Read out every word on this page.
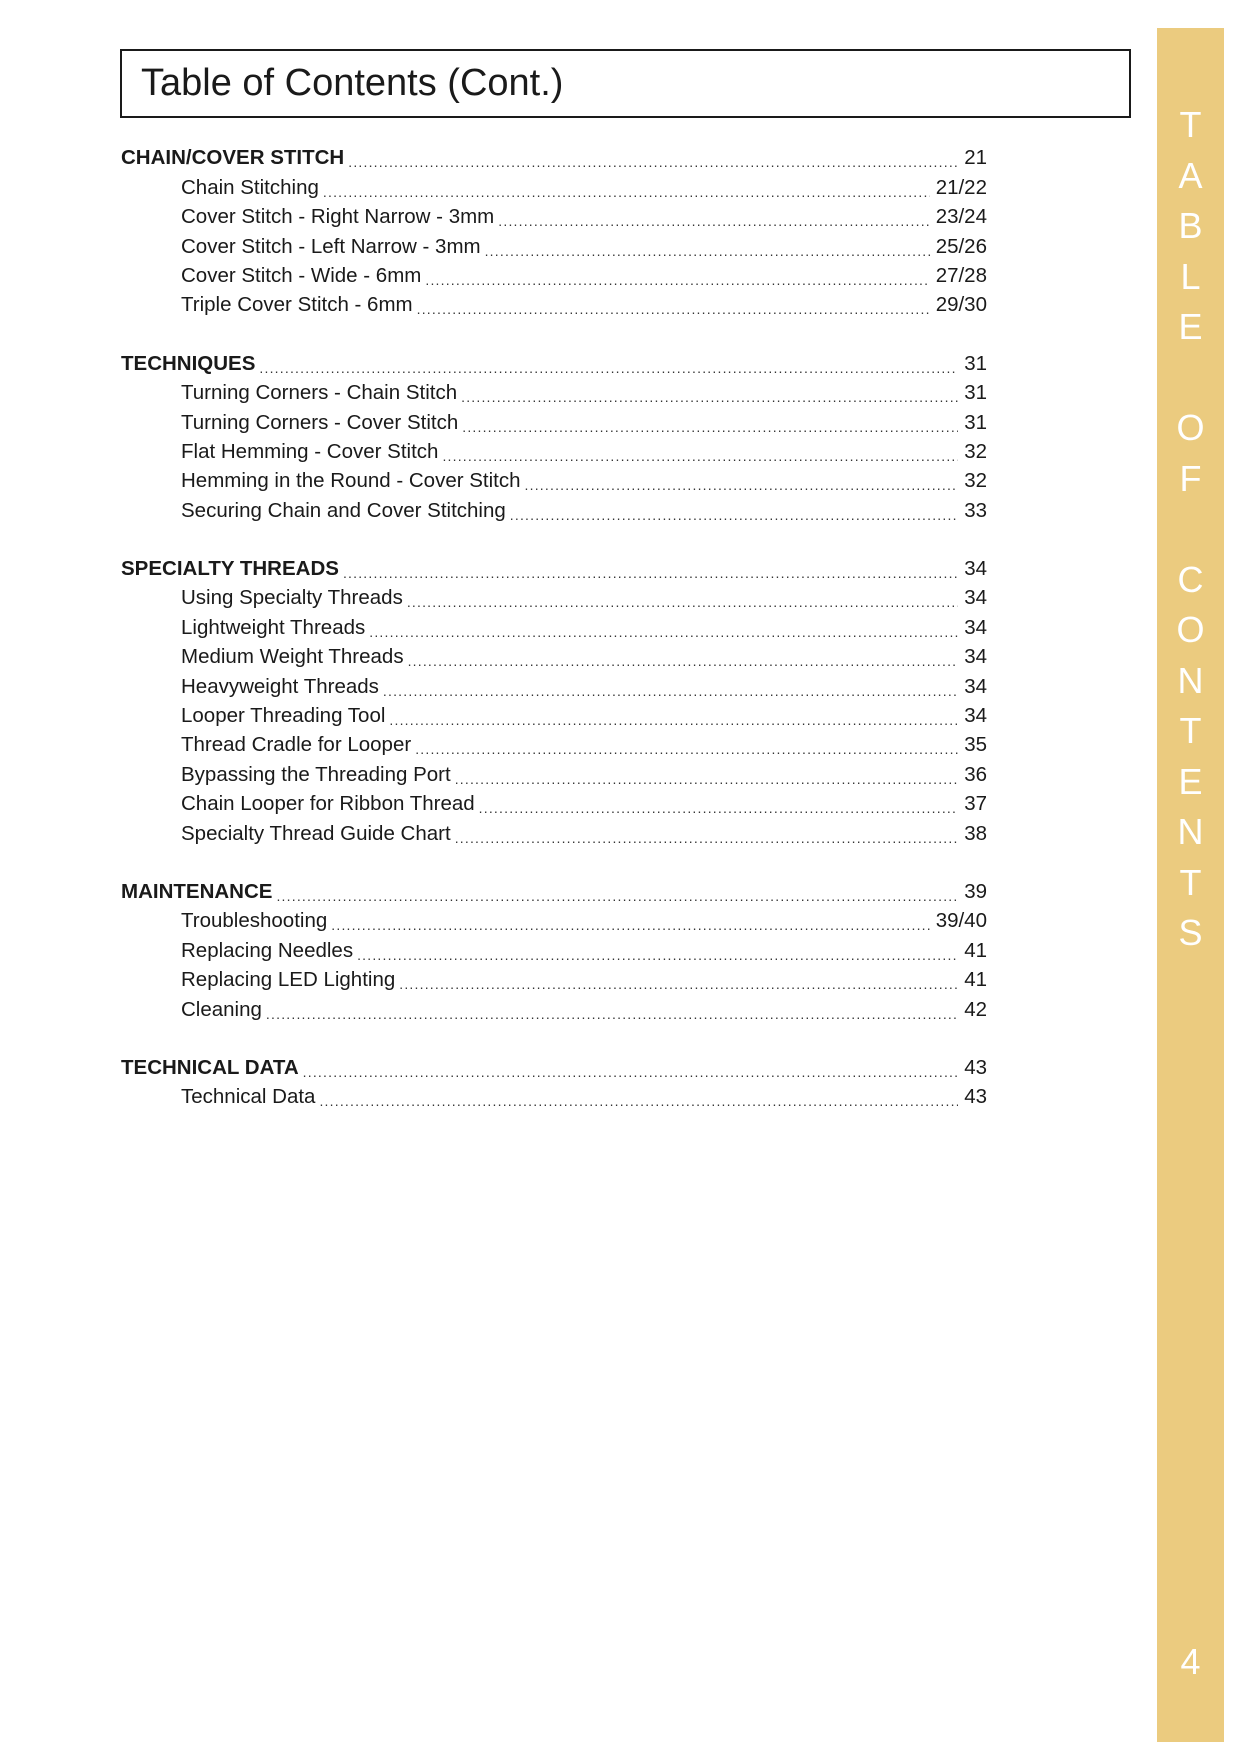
Table of Contents (Cont.)
CHAIN/COVER STITCH .....	21
Chain Stitching .....	21/22
Cover Stitch - Right Narrow - 3mm .....	23/24
Cover Stitch - Left Narrow - 3mm .....	25/26
Cover Stitch - Wide - 6mm .....	27/28
Triple Cover Stitch - 6mm .....	29/30
TECHNIQUES .....	31
Turning Corners - Chain Stitch .....	31
Turning Corners - Cover Stitch .....	31
Flat Hemming - Cover Stitch .....	32
Hemming in the Round - Cover Stitch .....	32
Securing Chain and Cover Stitching .....	33
SPECIALTY THREADS .....	34
Using Specialty Threads .....	34
Lightweight Threads .....	34
Medium Weight Threads .....	34
Heavyweight Threads .....	34
Looper Threading Tool .....	34
Thread Cradle for Looper .....	35
Bypassing the Threading Port .....	36
Chain Looper for Ribbon Thread .....	37
Specialty Thread Guide Chart .....	38
MAINTENANCE .....	39
Troubleshooting .....	39/40
Replacing Needles .....	41
Replacing LED Lighting .....	41
Cleaning .....	42
TECHNICAL DATA .....	43
Technical Data .....	43
T
A
B
L
E
O
F
C
O
N
T
E
N
T
S
4
